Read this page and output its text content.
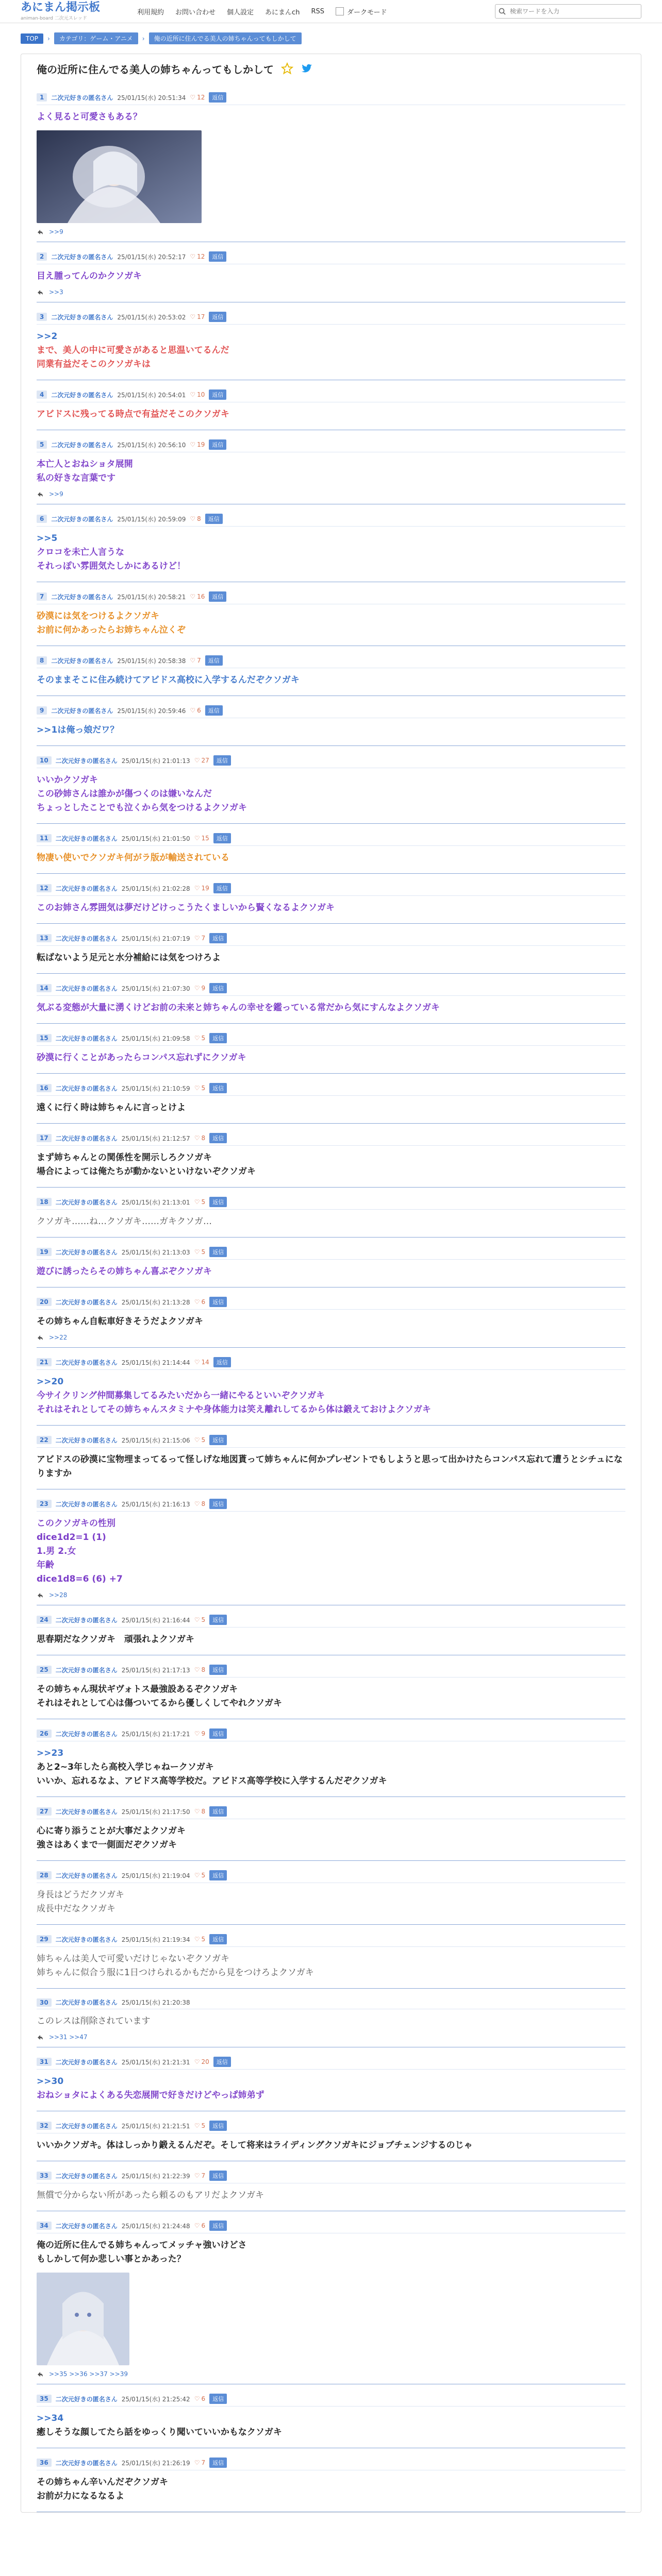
あにまん掲示板
animan-board 二次元スレッド
利用規約 お問い合わせ 個人設定 あにまんch RSS	ダークモード
検索ワードを入力
TOP	›	カテゴリ：ゲーム・アニメ	›	俺の近所に住んでる美人の姉ちゃんってもしかして
俺の近所に住んでる美人の姉ちゃんってもしかして
1	二次元好きの匿名さん 25/01/15(水) 20:51:34 ♡ 12	返信
よく見ると可愛さもある？
>>9
2	二次元好きの匿名さん 25/01/15(水) 20:52:17 ♡ 12	返信
目え腫ってんのかクソガキ
>>3
3	二次元好きの匿名さん 25/01/15(水) 20:53:02 ♡ 17	返信
>>2
まで、美人の中に可愛さがあると思温いてるんだ
同業有益だそこのクソガキは
4	二次元好きの匿名さん 25/01/15(水) 20:54:01 ♡ 10	返信
アビドスに残ってる時点で有益だそこのクソガキ
5	二次元好きの匿名さん 25/01/15(水) 20:56:10 ♡ 19	返信
本亡人とおねショタ展開
私の好きな言葉です
>>9
6	二次元好きの匿名さん 25/01/15(水) 20:59:09 ♡ 8	返信
>>5
クロコを未亡人言うな
それっぽい雰囲気たしかにあるけど！
7	二次元好きの匿名さん 25/01/15(水) 20:58:21 ♡ 16	返信
砂漠には気をつけるよクソガキ
お前に何かあったらお姉ちゃん泣くぞ
8	二次元好きの匿名さん 25/01/15(水) 20:58:38 ♡ 7	返信
そのままそこに住み続けてアビドス高校に入学するんだぞクソガキ
9	二次元好きの匿名さん 25/01/15(水) 20:59:46 ♡ 6	返信
>>1は俺っ娘だワ？
10	二次元好きの匿名さん 25/01/15(水) 21:01:13 ♡ 27	返信
いいかクソガキ
この砂姉さんは誰かが傷つくのは嫌いなんだ
ちょっとしたことでも泣くから気をつけるよクソガキ
11	二次元好きの匿名さん 25/01/15(水) 21:01:50 ♡ 15	返信
物凄い使いでクソガキ何がラ版が輸送されている
12	二次元好きの匿名さん 25/01/15(水) 21:02:28 ♡ 19	返信
このお姉さん雰囲気は夢だけどけっこうたくましいから賢くなるよクソガキ
13	二次元好きの匿名さん 25/01/15(水) 21:07:19 ♡ 7	返信
転ばないよう足元と水分補給には気をつけろよ
14	二次元好きの匿名さん 25/01/15(水) 21:07:30 ♡ 9	返信
気ぶる変態が大量に湧くけどお前の未来と姉ちゃんの幸せを鑑っている常だから気にすんなよクソガキ
15	二次元好きの匿名さん 25/01/15(水) 21:09:58 ♡ 5	返信
砂漠に行くことがあったらコンパス忘れずにクソガキ
16	二次元好きの匿名さん 25/01/15(水) 21:10:59 ♡ 5	返信
遠くに行く時は姉ちゃんに言っとけよ
17	二次元好きの匿名さん 25/01/15(水) 21:12:57 ♡ 8	返信
まず姉ちゃんとの関係性を開示しろクソガキ
場合によっては俺たちが動かないといけないぞクソガキ
18	二次元好きの匿名さん 25/01/15(水) 21:13:01 ♡ 5	返信
クソガキ……ね…クソガキ……ガキクソガ…
19	二次元好きの匿名さん 25/01/15(水) 21:13:03 ♡ 5	返信
遊びに誘ったらその姉ちゃん喜ぶぞクソガキ
20	二次元好きの匿名さん 25/01/15(水) 21:13:28 ♡ 6	返信
その姉ちゃん自転車好きそうだよクソガキ
>>22
21	二次元好きの匿名さん 25/01/15(水) 21:14:44 ♡ 14	返信
>>20
今サイクリング仲間募集してるみたいだから一緒にやるといいぞクソガキ
それはそれとしてその姉ちゃんスタミナや身体能力は笑え離れしてるから体は鍛えておけよクソガキ
22	二次元好きの匿名さん 25/01/15(水) 21:15:06 ♡ 5	返信
アビドスの砂漠に宝物埋まってるって怪しげな地図貰って姉ちゃんに何かプレゼントでもしようと思って出かけたらコンパス忘れて遭うとシチュになりますか
23	二次元好きの匿名さん 25/01/15(水) 21:16:13 ♡ 8	返信
このクソガキの性別
dice1d2=1 (1)
1.男 2.女
年齢
dice1d8=6 (6) +7
>>28
24	二次元好きの匿名さん 25/01/15(水) 21:16:44 ♡ 5	返信
思春期だなクソガキ　頑張れよクソガキ
25	二次元好きの匿名さん 25/01/15(水) 21:17:13 ♡ 8	返信
その姉ちゃん現状ギヴォトス最強設あるぞクソガキ
それはそれとして心は傷ついてるから優しくしてやれクソガキ
26	二次元好きの匿名さん 25/01/15(水) 21:17:21 ♡ 9	返信
>>23
あと2~3年したら高校入学じゃねークソガキ
いいか、忘れるなよ、アビドス高等学校だ。アビドス高等学校に入学するんだぞクソガキ
27	二次元好きの匿名さん 25/01/15(水) 21:17:50 ♡ 8	返信
心に寄り添うことが大事だよクソガキ
強さはあくまで一側面だぞクソガキ
28	二次元好きの匿名さん 25/01/15(水) 21:19:04 ♡ 5	返信
身長はどうだクソガキ
成長中だなクソガキ
29	二次元好きの匿名さん 25/01/15(水) 21:19:34 ♡ 5	返信
姉ちゃんは美人で可愛いだけじゃないぞクソガキ
姉ちゃんに似合う服に1日つけられるかもだから見をつけろよクソガキ
30	二次元好きの匿名さん 25/01/15(水) 21:20:38
このレスは削除されています
>>31 >>47
31	二次元好きの匿名さん 25/01/15(水) 21:21:31 ♡ 20	返信
>>30
おねショタによくある失恋展開で好きだけどやっぱ姉弟ず
32	二次元好きの匿名さん 25/01/15(水) 21:21:51 ♡ 5	返信
いいかクソガキ。体はしっかり鍛えるんだぞ。そして将来はライディングクソガキにジョブチェンジするのじゃ
33	二次元好きの匿名さん 25/01/15(水) 21:22:39 ♡ 7	返信
無償で分からない所があったら頼るのもアリだよクソガキ
34	二次元好きの匿名さん 25/01/15(水) 21:24:48 ♡ 6	返信
俺の近所に住んでる姉ちゃんってメッチャ強いけどさ
もしかして何か悲しい事とかあった？
>>35 >>36 >>37 >>39
35	二次元好きの匿名さん 25/01/15(水) 21:25:42 ♡ 6	返信
>>34
癒しそうな顔してたら話をゆっくり聞いていいかもなクソガキ
36	二次元好きの匿名さん 25/01/15(水) 21:26:19 ♡ 7	返信
その姉ちゃん辛いんだぞクソガキ
お前が力になるなるよ
